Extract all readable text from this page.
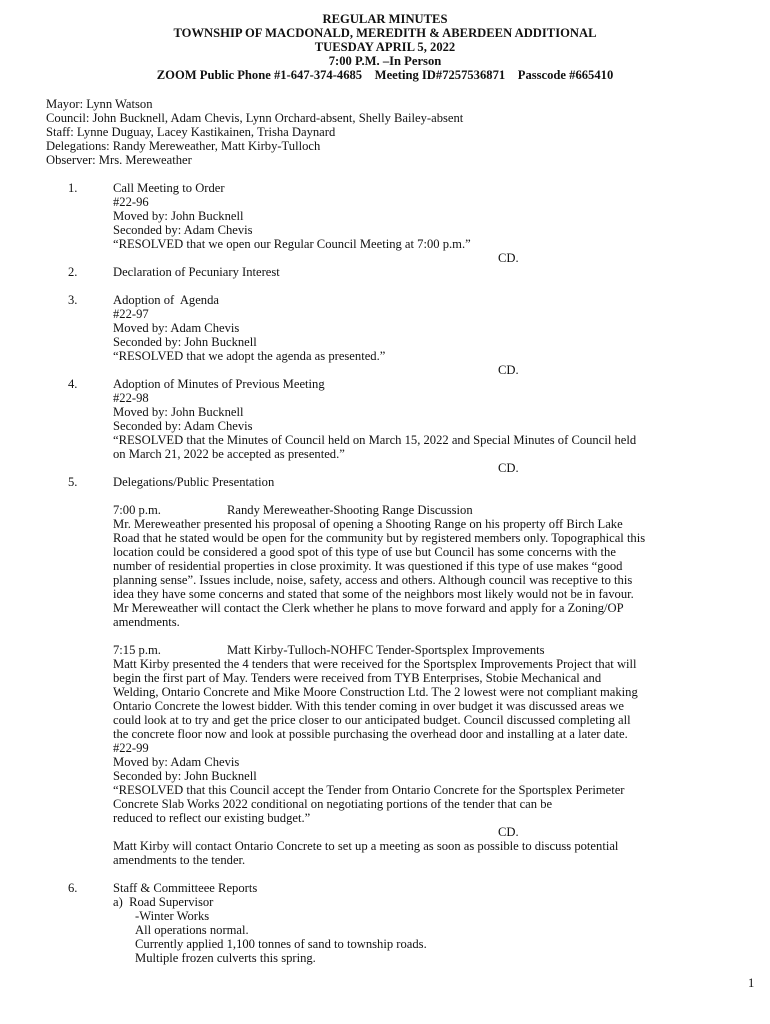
REGULAR MINUTES
TOWNSHIP OF MACDONALD, MEREDITH & ABERDEEN ADDITIONAL
TUESDAY APRIL 5, 2022
7:00 P.M. –In Person
ZOOM Public Phone #1-647-374-4685    Meeting ID#7257536871    Passcode #665410
Mayor: Lynn Watson
Council: John Bucknell, Adam Chevis, Lynn Orchard-absent, Shelly Bailey-absent
Staff: Lynne Duguay, Lacey Kastikainen, Trisha Daynard
Delegations: Randy Mereweather, Matt Kirby-Tulloch
Observer: Mrs. Mereweather
1.	Call Meeting to Order
#22-96
Moved by: John Bucknell
Seconded by: Adam Chevis
“RESOLVED that we open our Regular Council Meeting at 7:00 p.m.”
CD.
2.	Declaration of Pecuniary Interest
3.	Adoption of  Agenda
#22-97
Moved by: Adam Chevis
Seconded by: John Bucknell
“RESOLVED that we adopt the agenda as presented.”
CD.
4.	Adoption of Minutes of Previous Meeting
#22-98
Moved by: John Bucknell
Seconded by: Adam Chevis
“RESOLVED that the Minutes of Council held on March 15, 2022 and Special Minutes of Council held
on March 21, 2022 be accepted as presented.”
CD.
5.	Delegations/Public Presentation
7:00 p.m.	Randy Mereweather-Shooting Range Discussion
Mr. Mereweather presented his proposal of opening a Shooting Range on his property off Birch Lake
Road that he stated would be open for the community but by registered members only. Topographical this
location could be considered a good spot of this type of use but Council has some concerns with the
number of residential properties in close proximity. It was questioned if this type of use makes “good
planning sense”. Issues include, noise, safety, access and others. Although council was receptive to this
idea they have some concerns and stated that some of the neighbors most likely would not be in favour.
Mr Mereweather will contact the Clerk whether he plans to move forward and apply for a Zoning/OP
amendments.
7:15 p.m.	Matt Kirby-Tulloch-NOHFC Tender-Sportsplex Improvements
Matt Kirby presented the 4 tenders that were received for the Sportsplex Improvements Project that will
begin the first part of May. Tenders were received from TYB Enterprises, Stobie Mechanical and
Welding, Ontario Concrete and Mike Moore Construction Ltd. The 2 lowest were not compliant making
Ontario Concrete the lowest bidder. With this tender coming in over budget it was discussed areas we
could look at to try and get the price closer to our anticipated budget. Council discussed completing all
the concrete floor now and look at possible purchasing the overhead door and installing at a later date.
#22-99
Moved by: Adam Chevis
Seconded by: John Bucknell
“RESOLVED that this Council accept the Tender from Ontario Concrete for the Sportsplex Perimeter
Concrete Slab Works 2022 conditional on negotiating portions of the tender that can be
reduced to reflect our existing budget.”
CD.
Matt Kirby will contact Ontario Concrete to set up a meeting as soon as possible to discuss potential
amendments to the tender.
6.	Staff & Committeee Reports
a)  Road Supervisor
-Winter Works
All operations normal.
Currently applied 1,100 tonnes of sand to township roads.
Multiple frozen culverts this spring.
1
